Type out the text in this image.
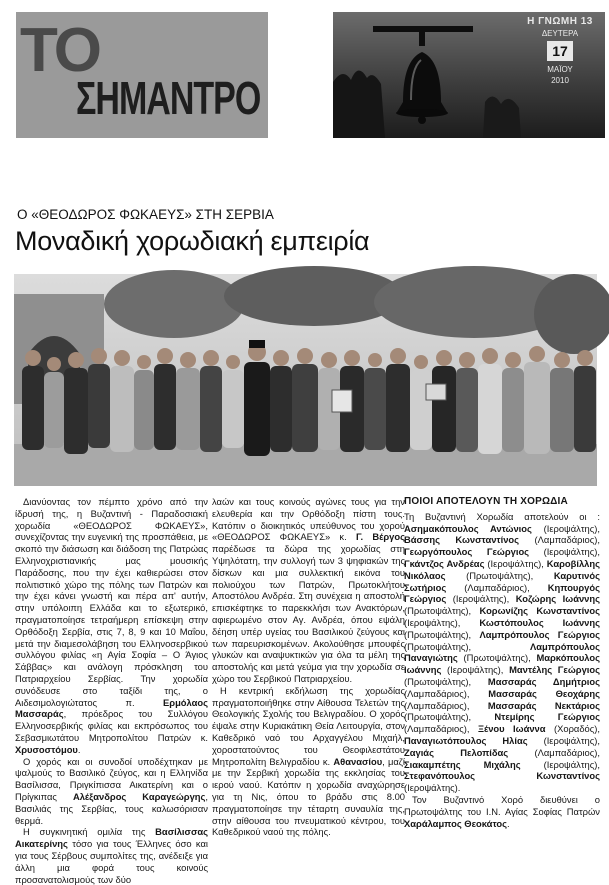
ΤΟ
ΣΗΜΑΝΤΡΟ
Η ΓΝΩΜΗ 13
ΔΕΥΤΕΡΑ
17
ΜΑΪΟΥ
2010
Ο «ΘΕΟΔΩΡΟΣ ΦΩΚΑΕΥΣ» ΣΤΗ ΣΕΡΒΙΑ
Μοναδική χορωδιακή εμπειρία

Διανύοντας τον πέμπτο χρόνο από την ίδρυσή της, η Βυζαντινή - Παραδοσιακή χορωδία «ΘΕΟΔΩΡΟΣ ΦΩΚΑΕΥΣ», συνεχίζοντας την ευγενική της προσπάθεια, με σκοπό την διάσωση και διάδοση της Πατρώας Ελληνοχριστιανικής μας μουσικής Παράδοσης, που την έχει καθιερώσει στον πολιτιστικό χώρο της πόλης των Πατρών και την έχει κάνει γνωστή και πέρα απ' αυτήν, στην υπόλοιπη Ελλάδα και το εξωτερικό, πραγματοποίησε τετραήμερη επίσκεψη στην Ορθόδοξη Σερβία, στις 7, 8, 9 και 10 Μαΐου, μετά την διαμεσολάβηση του Ελληνοσερβικού συλλόγου φιλίας «η Αγία Σοφία – Ο Άγιος Σάββας» και ανάλογη πρόσκληση του Πατριαρχείου Σερβίας. Την χορωδία συνόδευσε στο ταξίδι της, ο Αιδεσιμολογιώτατος π.	Ερμόλαος Μασσαράς, πρόεδρος του Συλλόγου Ελληνοσερβικής φιλίας και εκπρόσωπος του Σεβασμιωτάτου Μητροπολίτου Πατρών κ. Χρυσοστόμου.

Ο χορός και οι συνοδοί υποδέχτηκαν με ψαλμούς το Βασιλικό ζεύγος, και η Ελληνίδα Βασίλισσα, Πριγκίπισσα Αικατερίνη και ο Πρίγκιπας Αλέξανδρος Καραγεώργης, Βασιλιάς της Σερβίας, τους καλωσόρισαν θερμά.

Η συγκινητική ομιλία της Βασίλισσας Αικατερίνης τόσο για τους Έλληνες όσο και για τους Σέρβους συμπολίτες της, ανέδειξε για άλλη μια φορά τους κοινούς προσανατολισμούς των δύο

λαών και τους κοινούς αγώνες τους για την ελευθερία και την Ορθόδοξη πίστη τους. Κατόπιν ο διοικητικός υπεύθυνος του χορού «ΘΕΟΔΩΡΟΣ ΦΩΚΑΕΥΣ» κ. Γ. Βέργος παρέδωσε τα δώρα της χορωδίας στη Υψηλότατη, την συλλογή των 3 ψηφιακών της δίσκων και μια συλλεκτική εικόνα του πολιούχου των Πατρών, Πρωτοκλήτου Αποστόλου Ανδρέα. Στη συνέχεια η αποστολή επισκέφτηκε το παρεκκλήσι των Ανακτόρων, αφιερωμένο στον Αγ. Ανδρέα, όπου εψάλη δέηση υπέρ υγείας του Βασιλικού ζεύγους και των παρευρισκομένων. Ακολούθησε μπουφές γλυκών και αναψυκτικών για όλα τα μέλη της αποστολής και μετά γεύμα για την χορωδία σε χώρο του Σερβικού Πατριαρχείου.

Η κεντρική εκδήλωση της χορωδίας πραγματοποιήθηκε στην Αίθουσα Τελετών της Θεολογικής Σχολής του Βελιγραδίου. Ο χορός έψαλε στην Κυριακάτικη Θεία Λειτουργία, στον Καθεδρικό ναό του Αρχαγγέλου Μιχαήλ, χοροστατούντος του Θεοφιλεστάτου Μητροπολίτη Βελιγραδίου κ. Αθανασίου, μαζί με την Σερβική χορωδία της εκκλησίας του ιερού ναού. Κατόπιν η χορωδία αναχώρησε για τη Νις, όπου το βράδυ στις 8.00 πραγματοποίησε την τέταρτη συναυλία της, στην αίθουσα του πνευματικού κέντρου, του Καθεδρικού ναού της πόλης.

ΠΟΙΟΙ ΑΠΟΤΕΛΟΥΝ ΤΗ ΧΟΡΩΔΙΑ

Τη Βυζαντινή Χορωδία αποτελούν οι : Ασημακόπουλος Αντώνιος (Ιεροψάλτης), Βάσσης Κωνσταντίνος (Λαμπαδάριος), Γεωργόπουλος Γεώργιος (Ιεροψάλτης), Γκάντζος Ανδρέας (Ιεροψάλτης), Καροβίλλης Νικόλαος (Πρωτοψάλτης), Καρυτινός Σωτήριος (Λαμπαδάριος), Κηπουργός Γεώργιος (Ιεροψάλτης), Κοζώρης Ιωάννης (Πρωτοψάλτης), Κορωνίζης Κωνσταντίνος (Ιεροψάλτης), Κωστόπουλος Ιωάννης (Πρωτοψάλτης), Λαμπρόπουλος Γεώργιος (Πρωτοψάλτης), Λαμπρόπουλος Παναγιώτης (Πρωτοψάλτης), Μαρκόπουλος Ιωάννης (Ιεροψάλτης), Μαντέλης Γεώργιος (Πρωτοψάλτης), Μασσαράς Δημήτριος (Λαμπαδάριος), Μασσαράς Θεοχάρης (Λαμπαδάριος), Μασσαράς Νεκτάριος (Πρωτοψάλτης), Ντεμίρης Γεώργιος (Λαμπαδάριος), Ξένου Ιωάννα (Χοραδός), Παναγιωτόπουλος Ηλίας (Ιεροψάλτης), Ζαγιάς Πελοπίδας (Λαμπαδάριος), Σιακαμπέτης Μιχάλης (Ιεροψάλτης), Στεφανόπουλος Κωνσταντίνος (Ιεροψάλτης).

Τον Βυζαντινό Χορό διευθύνει ο Πρωτοψάλτης του Ι.Ν. Αγίας Σοφίας Πατρών Χαράλαμπος Θεοκάτος.
